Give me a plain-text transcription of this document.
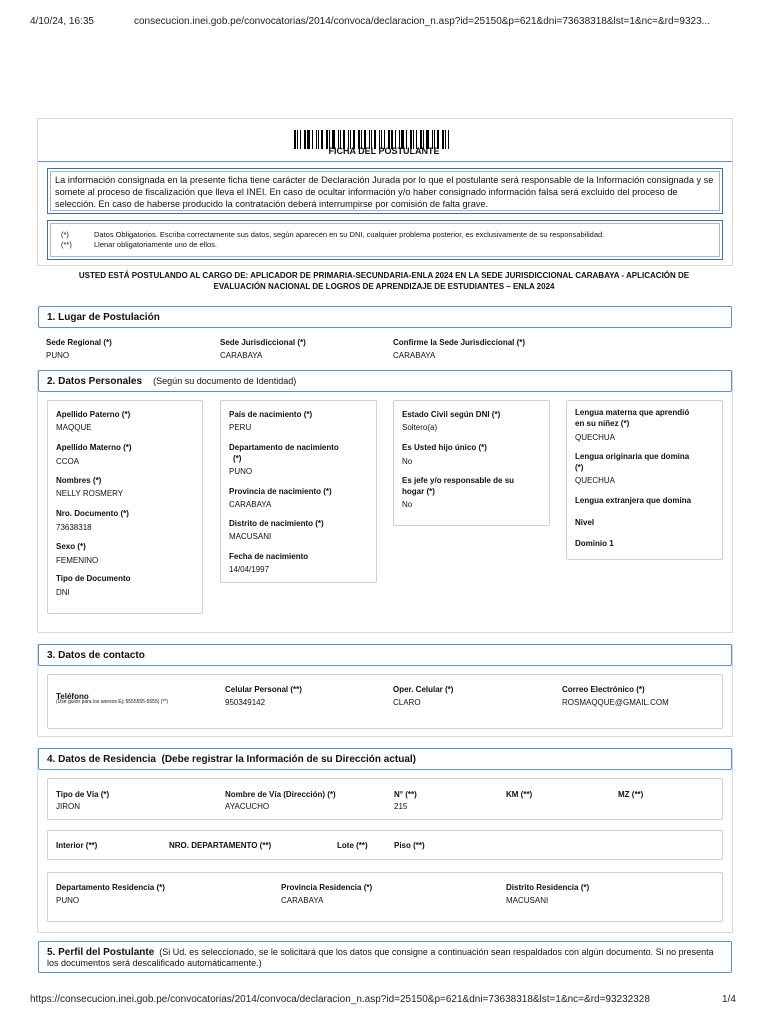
4/10/24, 16:35	consecucion.inei.gob.pe/convocatorias/2014/convoca/declaracion_n.asp?id=25150&p=621&dni=73638318&lst=1&nc=&rd=9323...
FICHA DEL POSTULANTE
La información consignada en la presente ficha tiene carácter de Declaración Jurada por lo que el postulante será responsable de la Información consignada y se somete al proceso de fiscalización que lleva el INEI. En caso de ocultar información y/o haber consignado información falsa será excluido del proceso de selección. En caso de haberse producido la contratación deberá interrumpirse por comisión de falta grave.
(*)	Datos Obligatorios. Escriba correctamente sus datos, según aparecen en su DNI, cualquier problema posterior, es exclusivamente de su responsabilidad.
(**)	Llenar obligatoriamente uno de ellos.
USTED ESTÁ POSTULANDO AL CARGO DE: APLICADOR DE PRIMARIA-SECUNDARIA-ENLA 2024 EN LA SEDE JURISDICCIONAL CARABAYA - APLICACIÓN DE
EVALUACIÓN NACIONAL DE LOGROS DE APRENDIZAJE DE ESTUDIANTES – ENLA 2024
1. Lugar de Postulación
Sede Regional (*)
PUNO
Sede Jurisdiccional (*)
CARABAYA
Confirme la Sede Jurisdiccional (*)
CARABAYA
2. Datos Personales (Según su documento de Identidad)
Apellido Paterno (*)
MAQQUE
Apellido Materno (*)
CCOA
Nombres (*)
NELLY ROSMERY
Nro. Documento (*)
73638318
Sexo (*)
FEMENINO
Tipo de Documento
DNI
País de nacimiento (*)
PERU
Departamento de nacimiento
(*)
PUNO
Provincia de nacimiento (*)
CARABAYA
Distrito de nacimiento (*)
MACUSANI
Fecha de nacimiento
14/04/1997
Estado Civil según DNI (*)
Soltero(a)
Es Usted hijo único (*)
No
Es jefe y/o responsable de su
hogar (*)
No
Lengua materna que aprendió
en su niñez (*)
QUECHUA
Lengua originaria que domina
(*)
QUECHUA
Lengua extranjera que domina
Nivel
Dominio 1
3. Datos de contacto
Teléfono
(Use guión para los anexos Ej; 5555555-5555) (**)
Celular Personal (**)
950349142
Oper. Celular (*)
CLARO
Correo Electrónico (*)
ROSMAQQUE@GMAIL.COM
4. Datos de Residencia (Debe registrar la Información de su Dirección actual)
Tipo de Vía (*)
JIRON
Nombre de Vía (Dirección) (*)
AYACUCHO
N° (**)
215
KM (**)	MZ (**)
Interior (**)	NRO. DEPARTAMENTO (**)	Lote (**)	Piso (**)
Departamento Residencia (*)
PUNO
Provincia Residencia (*)
CARABAYA
Distrito Residencia (*)
MACUSANI
5. Perfil del Postulante (Si Ud. es seleccionado, se le solicitará que los datos que consigne a continuación sean respaldados con algún documento. Si no presenta
los documentos será descalificado automáticamente.)
https://consecucion.inei.gob.pe/convocatorias/2014/convoca/declaracion_n.asp?id=25150&p=621&dni=73638318&lst=1&nc=&rd=93232328	1/4
